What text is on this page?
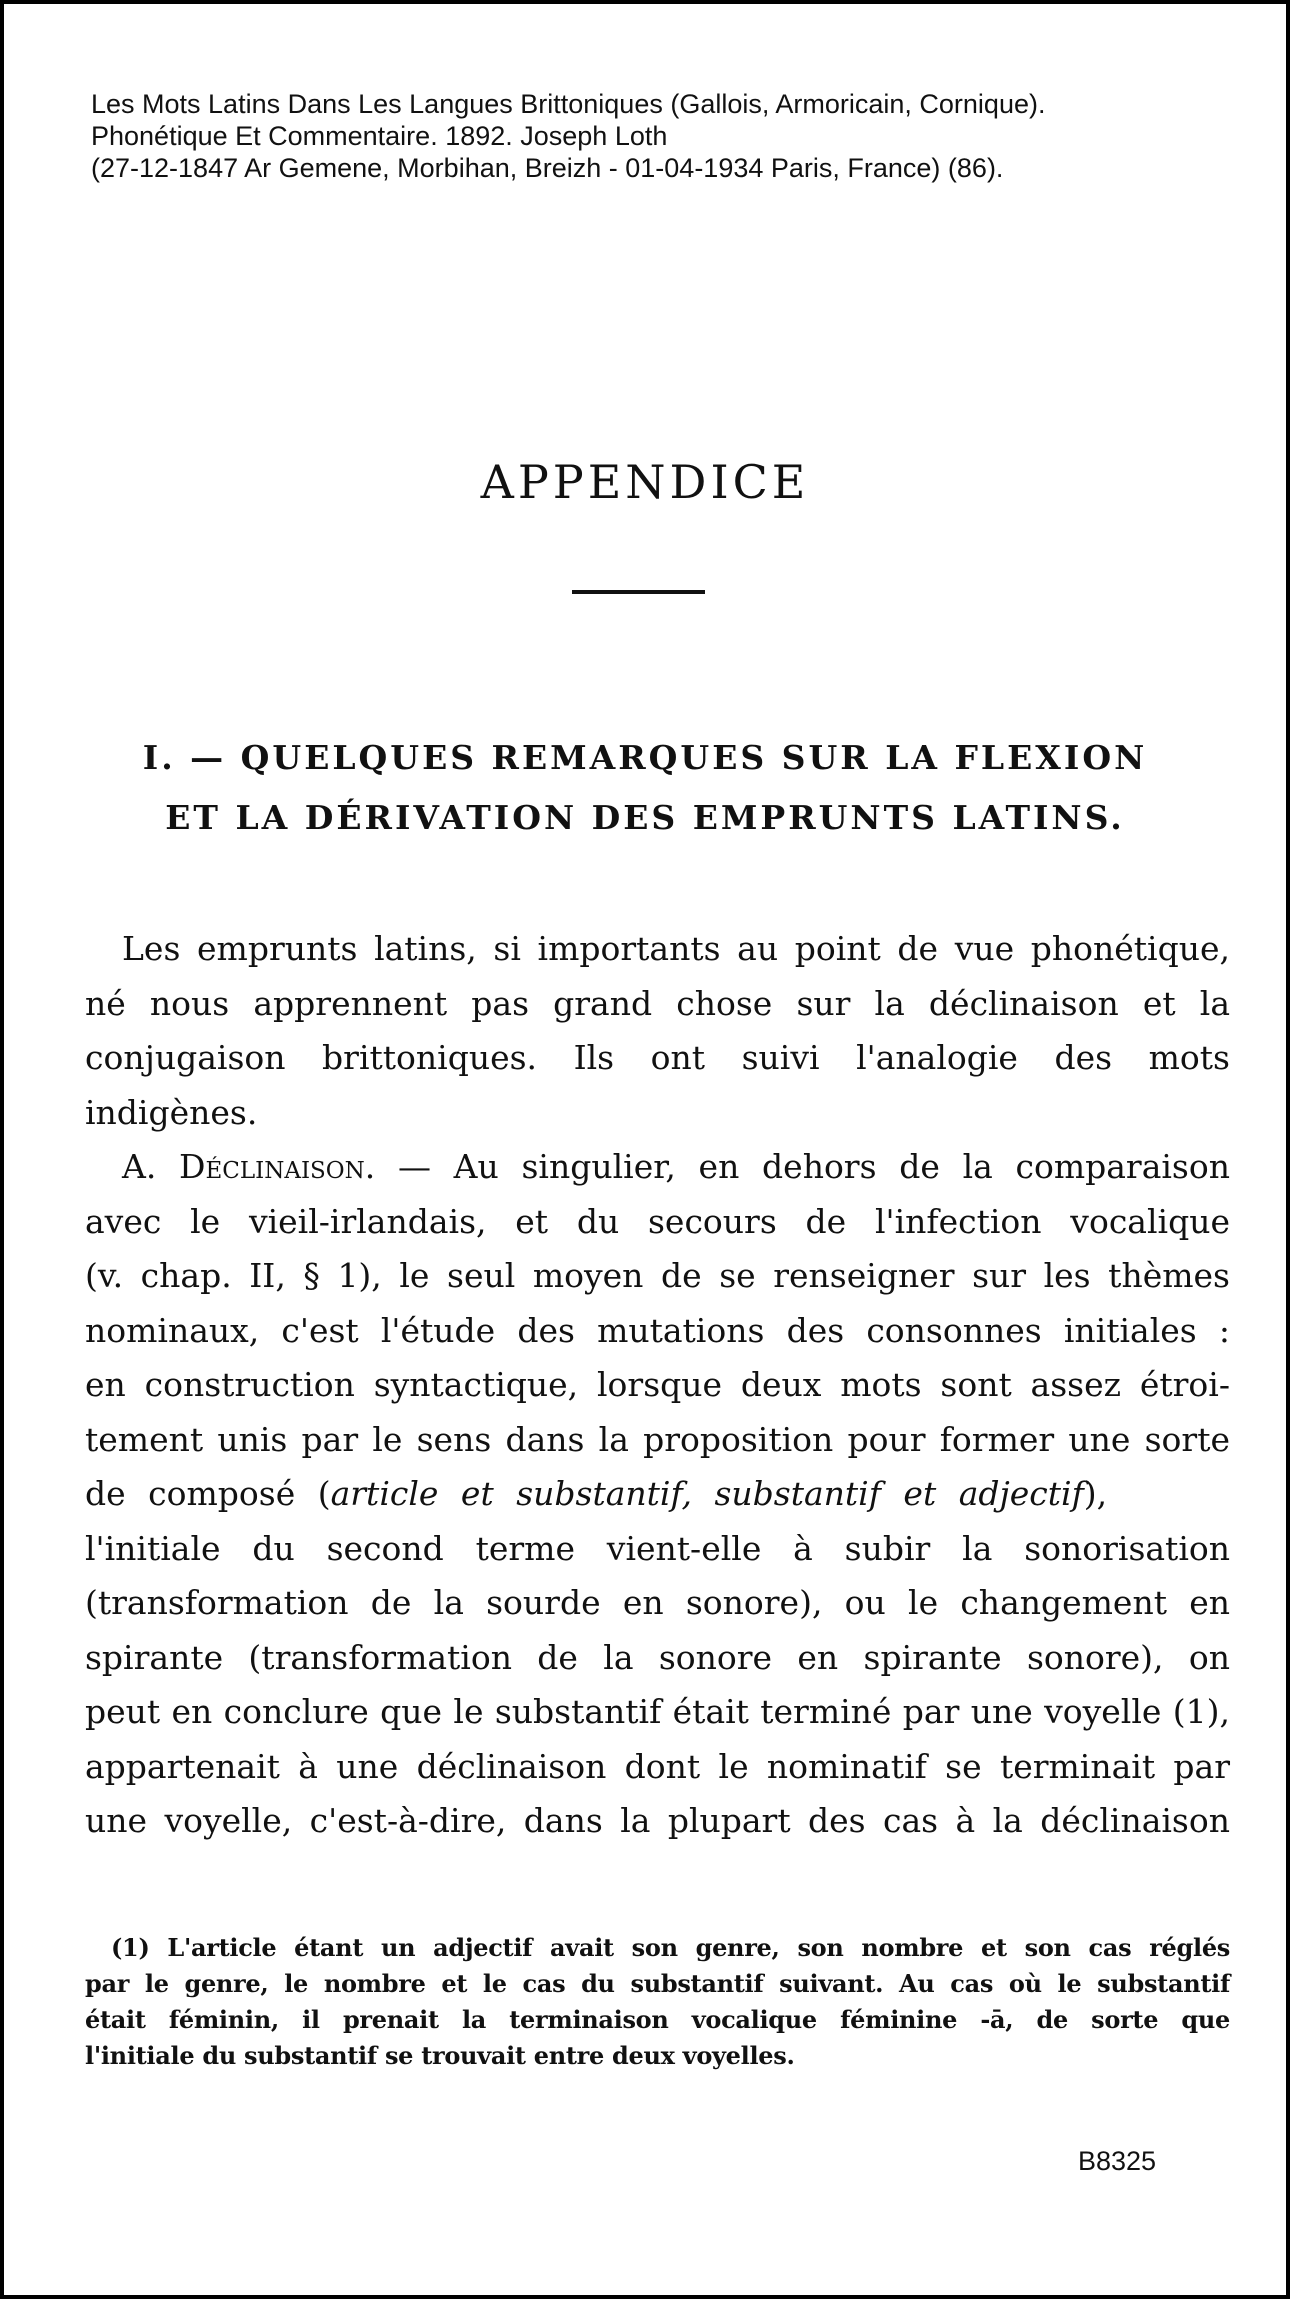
Les Mots Latins Dans Les Langues Brittoniques (Gallois, Armoricain, Cornique).
Phonétique Et Commentaire. 1892. Joseph Loth
(27-12-1847 Ar Gemene, Morbihan, Breizh - 01-04-1934 Paris, France) (86).
APPENDICE
I. — QUELQUES REMARQUES SUR LA FLEXION
ET LA DÉRIVATION DES EMPRUNTS LATINS.
Les emprunts latins, si importants au point de vue phonétique,
né nous apprennent pas grand chose sur la déclinaison et la
conjugaison brittoniques. Ils ont suivi l'analogie des mots
indigènes.
A. Déclinaison. — Au singulier, en dehors de la comparaison
avec le vieil-irlandais, et du secours de l'infection vocalique
(v. chap. II, § 1), le seul moyen de se renseigner sur les thèmes
nominaux, c'est l'étude des mutations des consonnes initiales :
en construction syntactique, lorsque deux mots sont assez étroi-
tement unis par le sens dans la proposition pour former une sorte
de composé (article et substantif, substantif et adjectif),
l'initiale du second terme vient-elle à subir la sonorisation
(transformation de la sourde en sonore), ou le changement en
spirante (transformation de la sonore en spirante sonore), on
peut en conclure que le substantif était terminé par une voyelle (1),
appartenait à une déclinaison dont le nominatif se terminait par
une voyelle, c'est-à-dire, dans la plupart des cas à la déclinaison
(1) L'article étant un adjectif avait son genre, son nombre et son cas réglés
par le genre, le nombre et le cas du substantif suivant. Au cas où le substantif
était féminin, il prenait la terminaison vocalique féminine -ā, de sorte que
l'initiale du substantif se trouvait entre deux voyelles.
B8325
